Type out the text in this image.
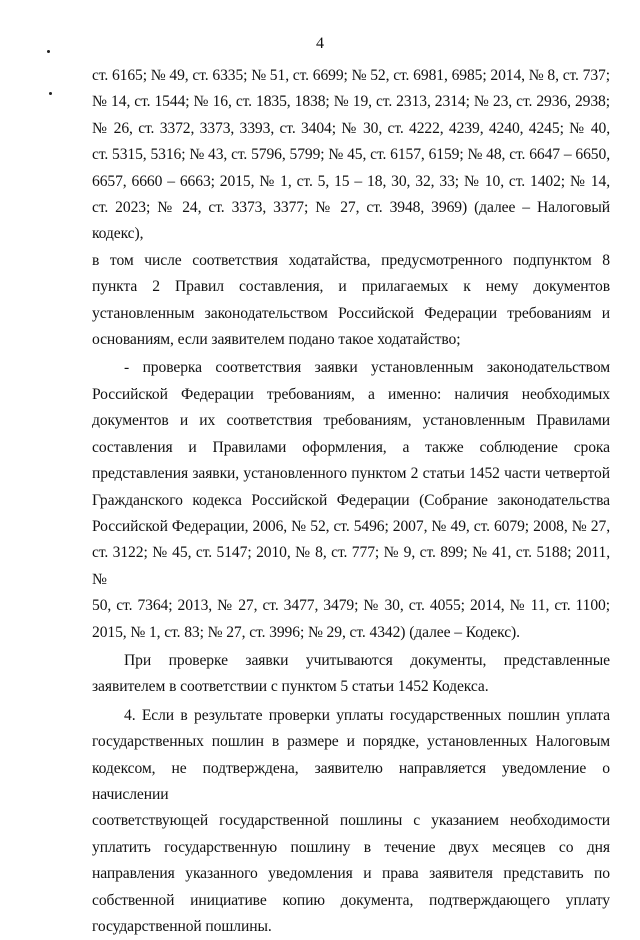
4

ст. 6165; № 49, ст. 6335; № 51, ст. 6699; № 52, ст. 6981, 6985; 2014, № 8, ст. 737;

№ 14, ст. 1544; № 16, ст. 1835, 1838; № 19, ст. 2313, 2314; № 23, ст. 2936, 2938;

№ 26, ст. 3372, 3373, 3393, ст. 3404; № 30, ст. 4222, 4239, 4240, 4245; № 40,

ст. 5315, 5316; № 43, ст. 5796, 5799; № 45, ст. 6157, 6159; № 48, ст. 6647 – 6650,

6657, 6660 – 6663; 2015, № 1, ст. 5, 15 – 18, 30, 32, 33; № 10, ст. 1402; № 14,

ст. 2023; № 24, ст. 3373, 3377; № 27, ст. 3948, 3969) (далее – Налоговый кодекс),

в том числе соответствия ходатайства, предусмотренного подпунктом 8

пункта 2 Правил составления, и прилагаемых к нему документов

установленным законодательством Российской Федерации требованиям и

основаниям, если заявителем подано такое ходатайство;

- проверка соответствия заявки установленным законодательством

Российской Федерации требованиям, а именно: наличия необходимых

документов и их соответствия требованиям, установленным Правилами

составления и Правилами оформления, а также соблюдение срока

представления заявки, установленного пунктом 2 статьи 1452 части четвертой

Гражданского кодекса Российской Федерации (Собрание законодательства

Российской Федерации, 2006, № 52, ст. 5496; 2007, № 49, ст. 6079; 2008, № 27,

ст. 3122; № 45, ст. 5147; 2010, № 8, ст. 777; № 9, ст. 899; № 41, ст. 5188; 2011, №

50, ст. 7364; 2013, № 27, ст. 3477, 3479; № 30, ст. 4055; 2014, № 11, ст. 1100;

2015, № 1, ст. 83; № 27, ст. 3996; № 29, ст. 4342) (далее – Кодекс).

При проверке заявки учитываются документы, представленные

заявителем в соответствии с пунктом 5 статьи 1452 Кодекса.

4. Если в результате проверки уплаты государственных пошлин уплата

государственных пошлин в размере и порядке, установленных Налоговым

кодексом, не подтверждена, заявителю направляется уведомление о начислении

соответствующей государственной пошлины с указанием необходимости

уплатить государственную пошлину в течение двух месяцев со дня

направления указанного уведомления и права заявителя представить по

собственной инициативе копию документа, подтверждающего уплату

государственной пошлины.
